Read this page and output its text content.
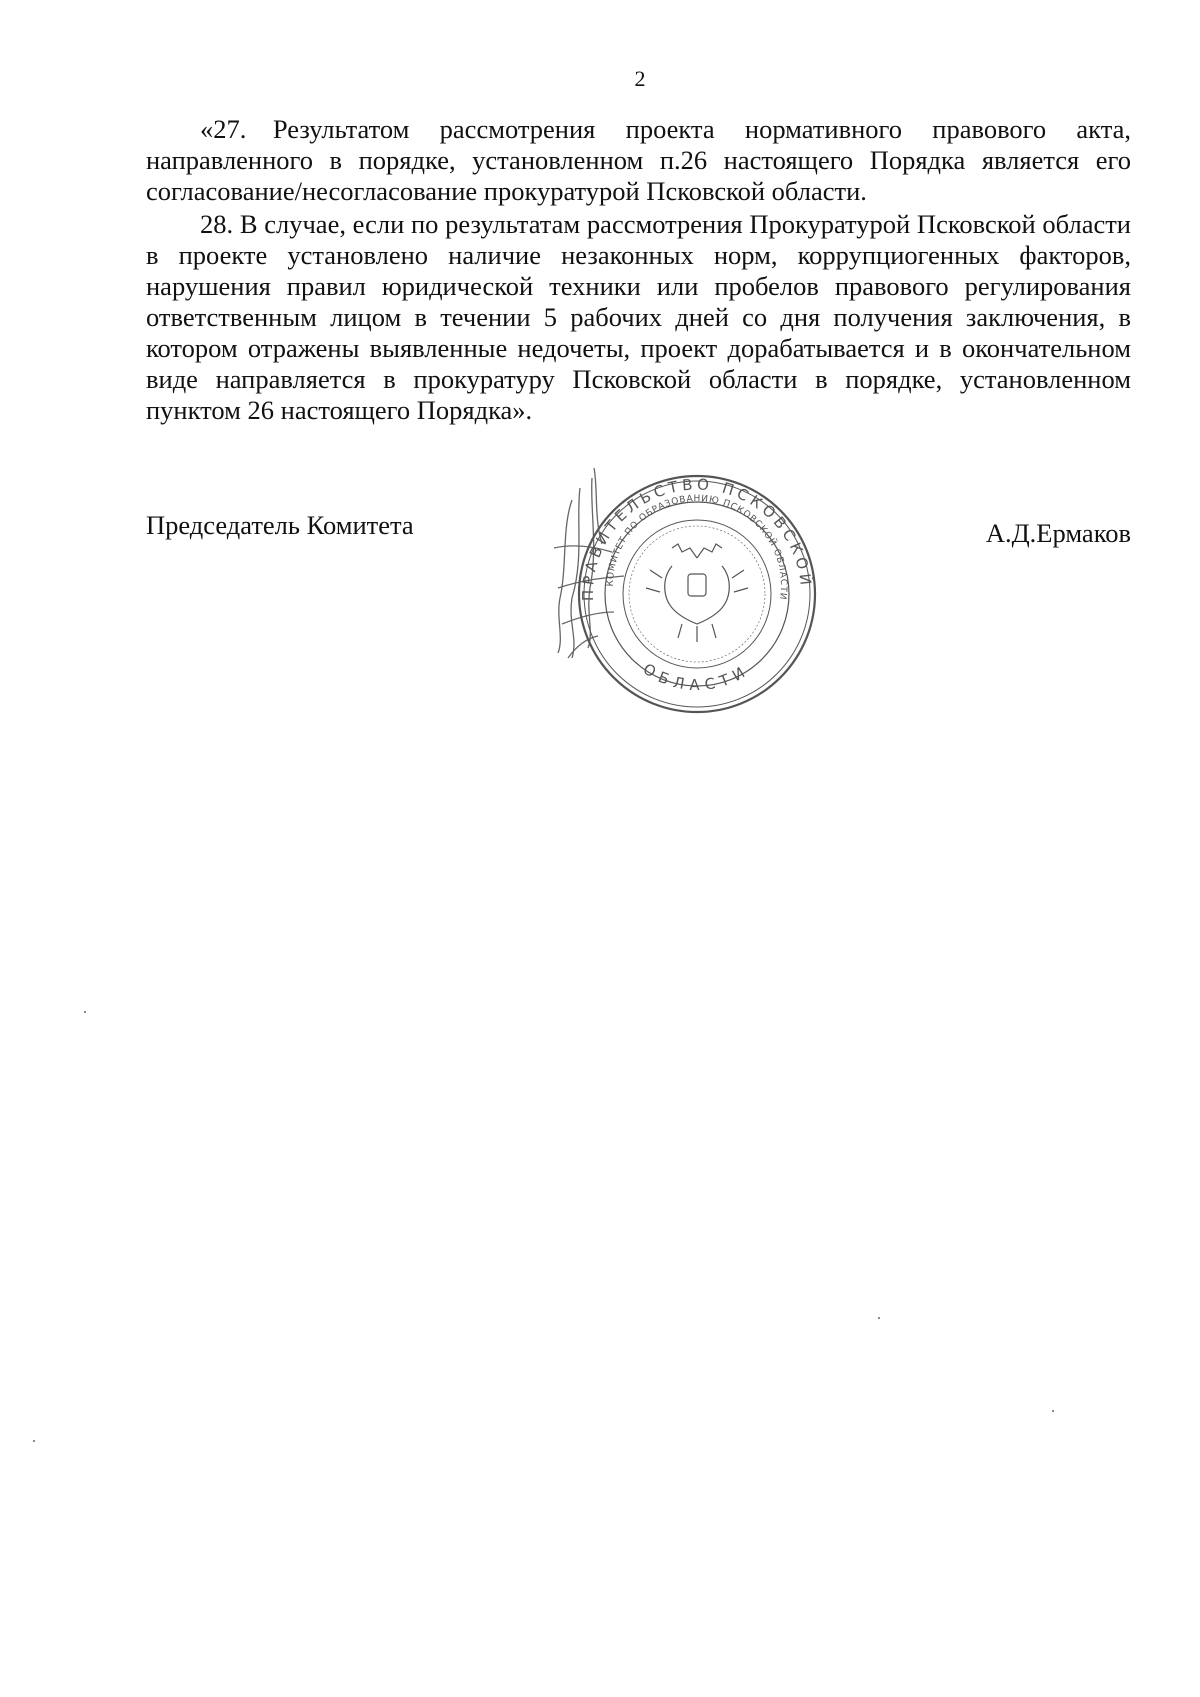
2

«27. Результатом рассмотрения проекта нормативного правового акта, направленного в порядке, установленном п.26 настоящего Порядка является его согласование/несогласование прокуратурой Псковской области.

28. В случае, если по результатам рассмотрения Прокуратурой Псковской области в проекте установлено наличие незаконных норм, коррупциогенных факторов, нарушения правил юридической техники или пробелов правового регулирования ответственным лицом в течении 5 рабочих дней со дня получения заключения, в котором отражены выявленные недочеты, проект дорабатывается и в окончательном виде направляется в прокуратуру Псковской области в порядке, установленном пунктом 26 настоящего Порядка».

Председатель Комитета	А.Д.Ермаков
ПРАВИТЕЛЬСТВО ПСКОВСКОЙ
ОБЛАСТИ
КОМИТЕТ ПО ОБРАЗОВАНИЮ ПСКОВСКОЙ ОБЛАСТИ
